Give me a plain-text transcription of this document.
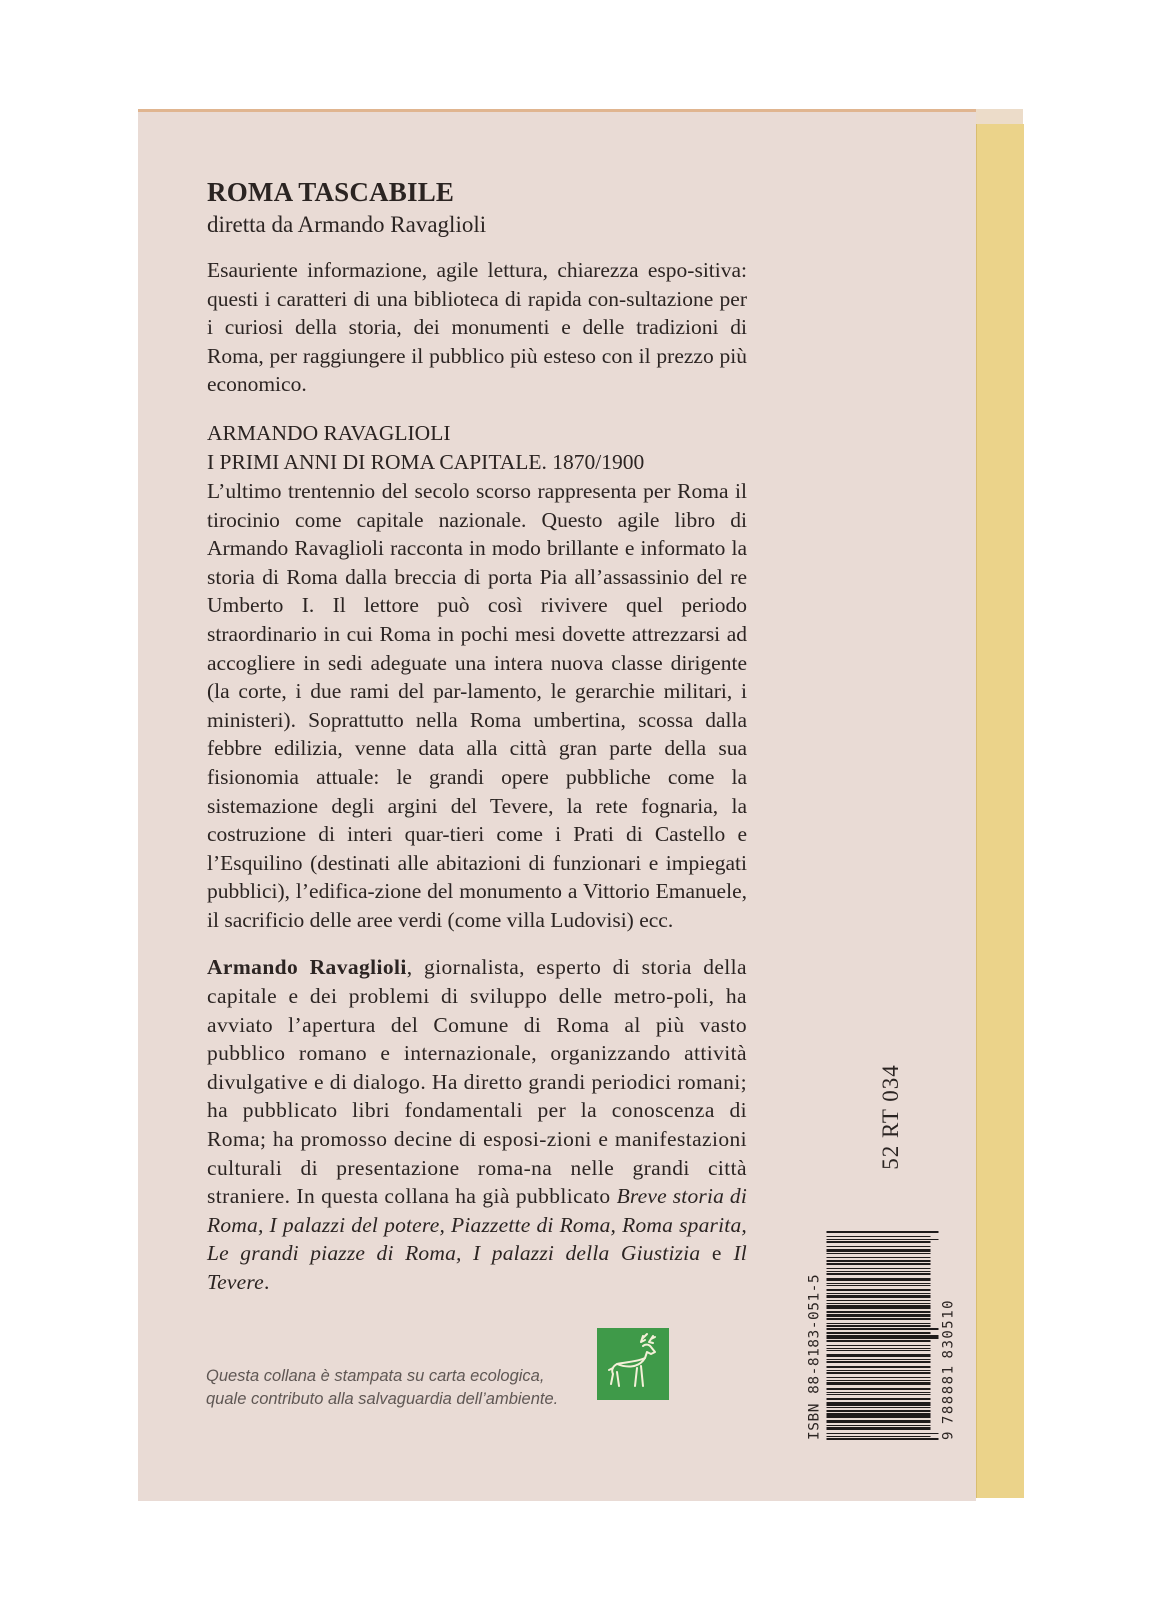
ROMA TASCABILE
diretta da Armando Ravaglioli

Esauriente informazione, agile lettura, chiarezza espo-sitiva: questi i caratteri di una biblioteca di rapida con-sultazione per i curiosi della storia, dei monumenti e delle tradizioni di Roma, per raggiungere il pubblico più esteso con il prezzo più economico.

ARMANDO RAVAGLIOLI
I PRIMI ANNI DI ROMA CAPITALE. 1870/1900

L’ultimo trentennio del secolo scorso rappresenta per Roma il tirocinio come capitale nazionale. Questo agile libro di Armando Ravaglioli racconta in modo brillante e informato la storia di Roma dalla breccia di porta Pia all’assassinio del re Umberto I. Il lettore può così rivivere quel periodo straordinario in cui Roma in pochi mesi dovette attrezzarsi ad accogliere in sedi adeguate una intera nuova classe dirigente (la corte, i due rami del par-lamento, le gerarchie militari, i ministeri). Soprattutto nella Roma umbertina, scossa dalla febbre edilizia, venne data alla città gran parte della sua fisionomia attuale: le grandi opere pubbliche come la sistemazione degli argini del Tevere, la rete fognaria, la costruzione di interi quar-tieri come i Prati di Castello e l’Esquilino (destinati alle abitazioni di funzionari e impiegati pubblici), l’edifica-zione del monumento a Vittorio Emanuele, il sacrificio delle aree verdi (come villa Ludovisi) ecc.

Armando Ravaglioli, giornalista, esperto di storia della capitale e dei problemi di sviluppo delle metro-poli, ha avviato l’apertura del Comune di Roma al più vasto pubblico romano e internazionale, organizzando attività divulgative e di dialogo. Ha diretto grandi periodici romani; ha pubblicato libri fondamentali per la conoscenza di Roma; ha promosso decine di esposi-zioni e manifestazioni culturali di presentazione roma-na nelle grandi città straniere. In questa collana ha già pubblicato Breve storia di Roma, I palazzi del potere, Piazzette di Roma, Roma sparita, Le grandi piazze di Roma, I palazzi della Giustizia e Il Tevere.

Questa collana è stampata su carta ecologica,
quale contributo alla salvaguardia dell’ambiente.
52 RT 034
ISBN 88-8183-051-5	9
788881
830510
